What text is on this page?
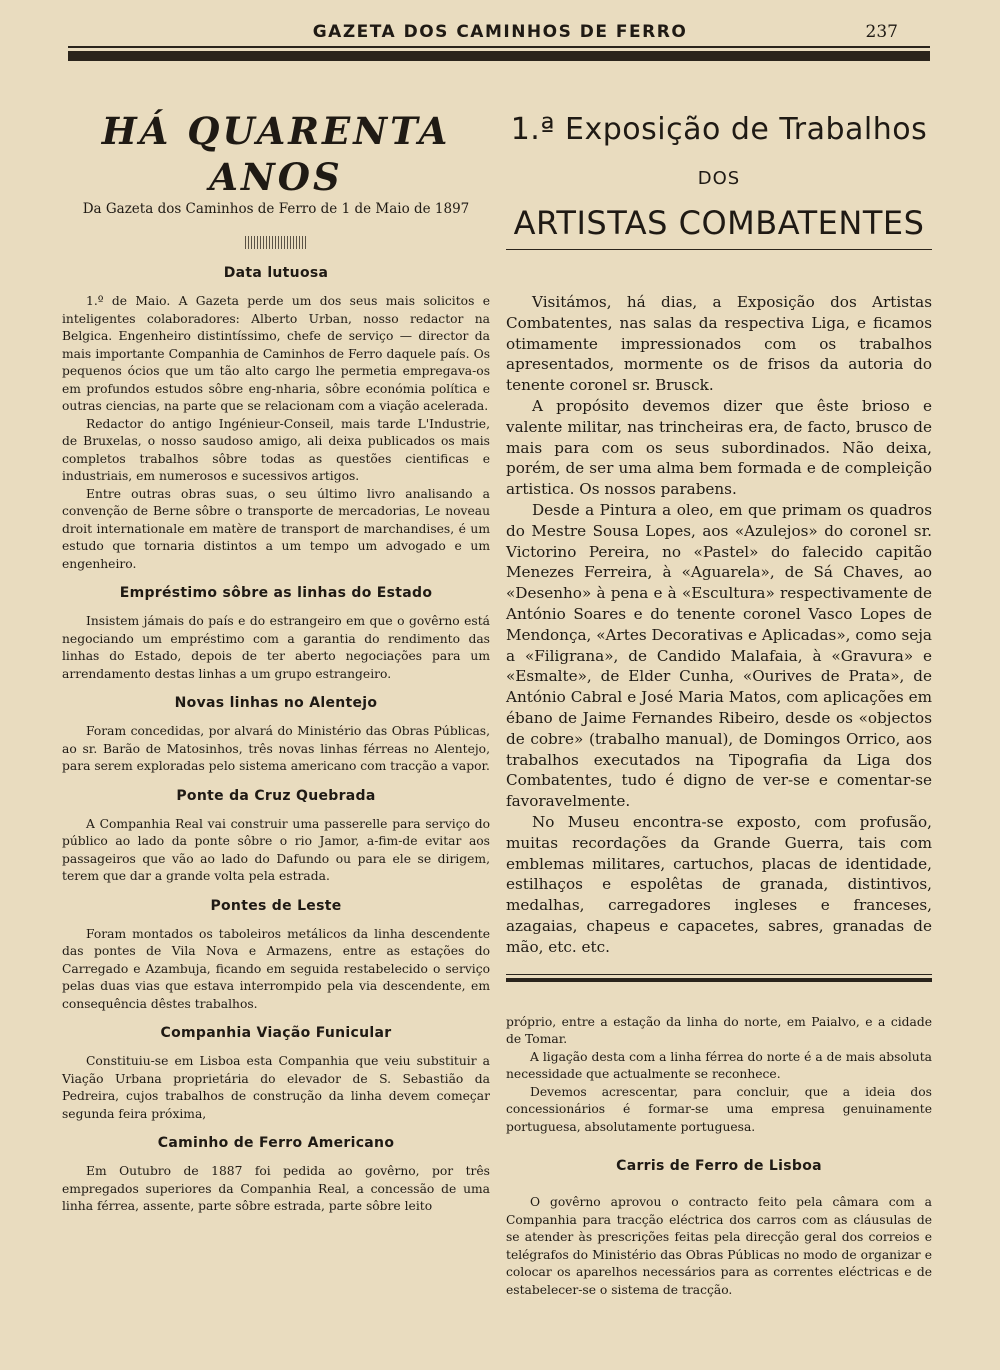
GAZETA DOS CAMINHOS DE FERRO	237
HÁ QUARENTA ANOS

Da Gazeta dos Caminhos de Ferro de 1 de Maio de 1897

Data lutuosa

1.º de Maio. A Gazeta perde um dos seus mais solicitos e inteligentes colaboradores: Alberto Urban, nosso redactor na Belgica. Engenheiro distintíssimo, chefe de serviço — director da mais importante Companhia de Caminhos de Ferro daquele país. Os pequenos ócios que um tão alto cargo lhe permetia empregava-os em profundos estudos sôbre eng-nharia, sôbre económia política e outras ciencias, na parte que se relacionam com a viação acelerada.

Redactor do antigo Ingénieur-Conseil, mais tarde L'Industrie, de Bruxelas, o nosso saudoso amigo, ali deixa publicados os mais completos trabalhos sôbre todas as questões cientificas e industriais, em numerosos e sucessivos artigos.

Entre outras obras suas, o seu último livro analisando a convenção de Berne sôbre o transporte de mercadorias, Le noveau droit internationale em matère de transport de marchandises, é um estudo que tornaria distintos a um tempo um advogado e um engenheiro.

Empréstimo sôbre as linhas do Estado

Insistem jámais do país e do estrangeiro em que o govêrno está negociando um empréstimo com a garantia do rendimento das linhas do Estado, depois de ter aberto negociações para um arrendamento destas linhas a um grupo estrangeiro.

Novas linhas no Alentejo

Foram concedidas, por alvará do Ministério das Obras Públicas, ao sr. Barão de Matosinhos, três novas linhas férreas no Alentejo, para serem exploradas pelo sistema americano com tracção a vapor.

Ponte da Cruz Quebrada

A Companhia Real vai construir uma passerelle para serviço do público ao lado da ponte sôbre o rio Jamor, a-fim-de evitar aos passageiros que vão ao lado do Dafundo ou para ele se dirigem, terem que dar a grande volta pela estrada.

Pontes de Leste

Foram montados os taboleiros metálicos da linha descendente das pontes de Vila Nova e Armazens, entre as estações do Carregado e Azambuja, ficando em seguida restabelecido o serviço pelas duas vias que estava interrompido pela via descendente, em consequência dêstes trabalhos.

Companhia Viação Funicular

Constituiu-se em Lisboa esta Companhia que veiu substituir a Viação Urbana proprietária do elevador de S. Sebastião da Pedreira, cujos trabalhos de construção da linha devem começar segunda feira próxima,

Caminho de Ferro Americano

Em Outubro de 1887 foi pedida ao govêrno, por três empregados superiores da Companhia Real, a concessão de uma linha férrea, assente, parte sôbre estrada, parte sôbre leito

1.ª Exposição de Trabalhos
DOS
ARTISTAS COMBATENTES

Visitámos, há dias, a Exposição dos Artistas Combatentes, nas salas da respectiva Liga, e ficamos otimamente impressionados com os trabalhos apresentados, mormente os de frisos da autoria do tenente coronel sr. Brusck.

A propósito devemos dizer que êste brioso e valente militar, nas trincheiras era, de facto, brusco de mais para com os seus subordinados. Não deixa, porém, de ser uma alma bem formada e de compleição artistica. Os nossos parabens.

Desde a Pintura a oleo, em que primam os quadros do Mestre Sousa Lopes, aos «Azulejos» do coronel sr. Victorino Pereira, no «Pastel» do falecido capitão Menezes Ferreira, à «Aguarela», de Sá Chaves, ao «Desenho» à pena e à «Escultura» respectivamente de António Soares e do tenente coronel Vasco Lopes de Mendonça, «Artes Decorativas e Aplicadas», como seja a «Filigrana», de Candido Malafaia, à «Gravura» e «Esmalte», de Elder Cunha, «Ourives de Prata», de António Cabral e José Maria Matos, com aplicações em ébano de Jaime Fernandes Ribeiro, desde os «objectos de cobre» (trabalho manual), de Domingos Orrico, aos trabalhos executados na Tipografia da Liga dos Combatentes, tudo é digno de ver-se e comentar-se favoravelmente.

No Museu encontra-se exposto, com profusão, muitas recordações da Grande Guerra, tais com emblemas militares, cartuchos, placas de identidade, estilhaços e espolêtas de granada, distintivos, medalhas, carregadores ingleses e franceses, azagaias, chapeus e capacetes, sabres, granadas de mão, etc. etc.

próprio, entre a estação da linha do norte, em Paialvo, e a cidade de Tomar.

A ligação desta com a linha férrea do norte é a de mais absoluta necessidade que actualmente se reconhece.

Devemos acrescentar, para concluir, que a ideia dos concessionários é formar-se uma empresa genuinamente portuguesa, absolutamente portuguesa.

Carris de Ferro de Lisboa

O govêrno aprovou o contracto feito pela câmara com a Companhia para tracção eléctrica dos carros com as cláusulas de se atender às prescrições feitas pela direcção geral dos correios e telégrafos do Ministério das Obras Públicas no modo de organizar e colocar os aparelhos necessários para as correntes eléctricas e de estabelecer-se o sistema de tracção.
